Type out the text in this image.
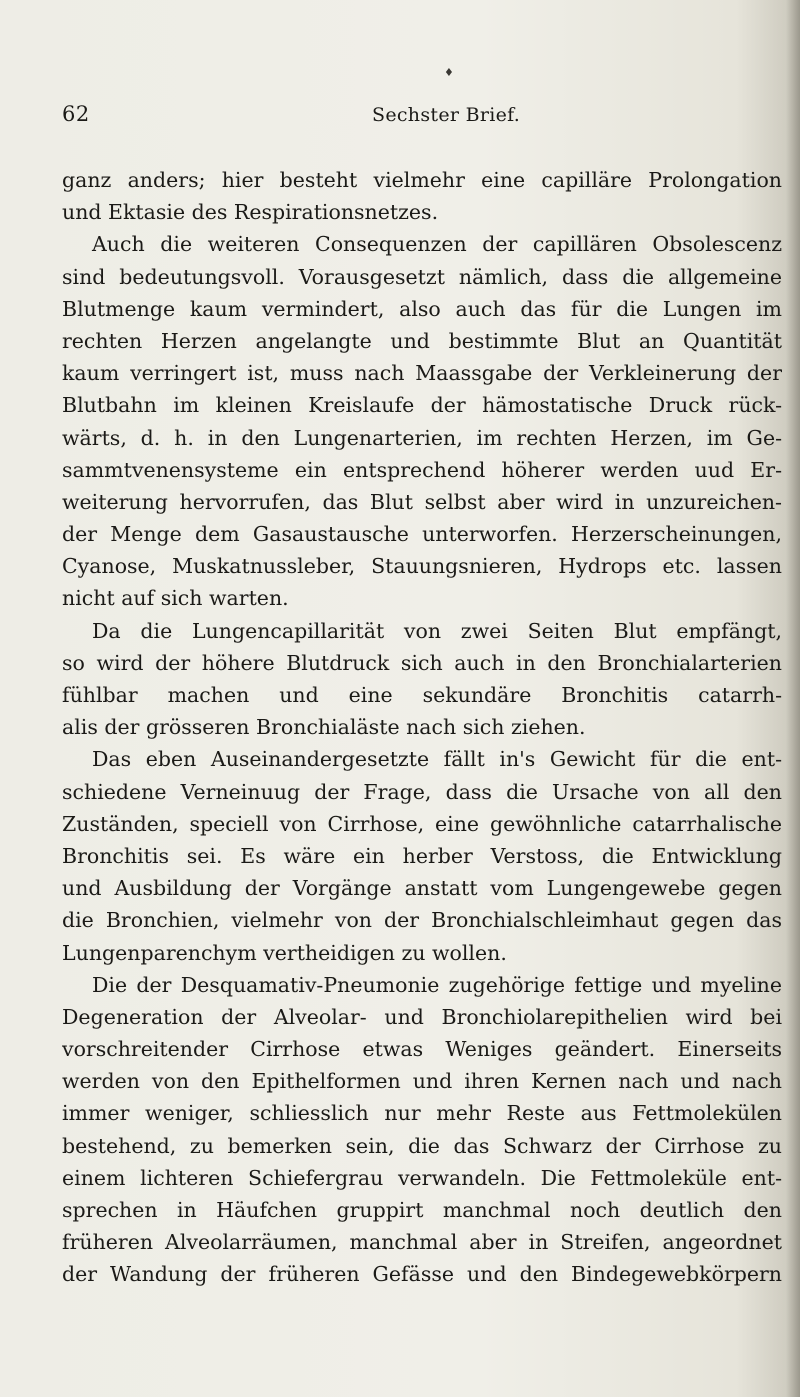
♦
62	Sechster Brief.
ganz anders; hier besteht vielmehr eine capilläre Prolongation
und Ektasie des Respirationsnetzes.
Auch die weiteren Consequenzen der capillären Obsolescenz
sind bedeutungsvoll. Vorausgesetzt nämlich, dass die allgemeine
Blutmenge kaum vermindert, also auch das für die Lungen im
rechten Herzen angelangte und bestimmte Blut an Quantität
kaum verringert ist, muss nach Maassgabe der Verkleinerung der
Blutbahn im kleinen Kreislaufe der hämostatische Druck rück-
wärts, d. h. in den Lungenarterien, im rechten Herzen, im Ge-
sammtvenensysteme ein entsprechend höherer werden uud Er-
weiterung hervorrufen, das Blut selbst aber wird in unzureichen-
der Menge dem Gasaustausche unterworfen. Herzerscheinungen,
Cyanose, Muskatnussleber, Stauungsnieren, Hydrops etc. lassen
nicht auf sich warten.
Da die Lungencapillarität von zwei Seiten Blut empfängt,
so wird der höhere Blutdruck sich auch in den Bronchialarterien
fühlbar machen und eine sekundäre Bronchitis catarrh-
alis der grösseren Bronchialäste nach sich ziehen.
Das eben Auseinandergesetzte fällt in's Gewicht für die ent-
schiedene Verneinuug der Frage, dass die Ursache von all den
Zuständen, speciell von Cirrhose, eine gewöhnliche catarrhalische
Bronchitis sei. Es wäre ein herber Verstoss, die Entwicklung
und Ausbildung der Vorgänge anstatt vom Lungengewebe gegen
die Bronchien, vielmehr von der Bronchialschleimhaut gegen das
Lungenparenchym vertheidigen zu wollen.
Die der Desquamativ-Pneumonie zugehörige fettige und myeline
Degeneration der Alveolar- und Bronchiolarepithelien wird bei
vorschreitender Cirrhose etwas Weniges geändert. Einerseits
werden von den Epithelformen und ihren Kernen nach und nach
immer weniger, schliesslich nur mehr Reste aus Fettmolekülen
bestehend, zu bemerken sein, die das Schwarz der Cirrhose zu
einem lichteren Schiefergrau verwandeln. Die Fettmoleküle ent-
sprechen in Häufchen gruppirt manchmal noch deutlich den
früheren Alveolarräumen, manchmal aber in Streifen, angeordnet
der Wandung der früheren Gefässe und den Bindegewebkörpern
